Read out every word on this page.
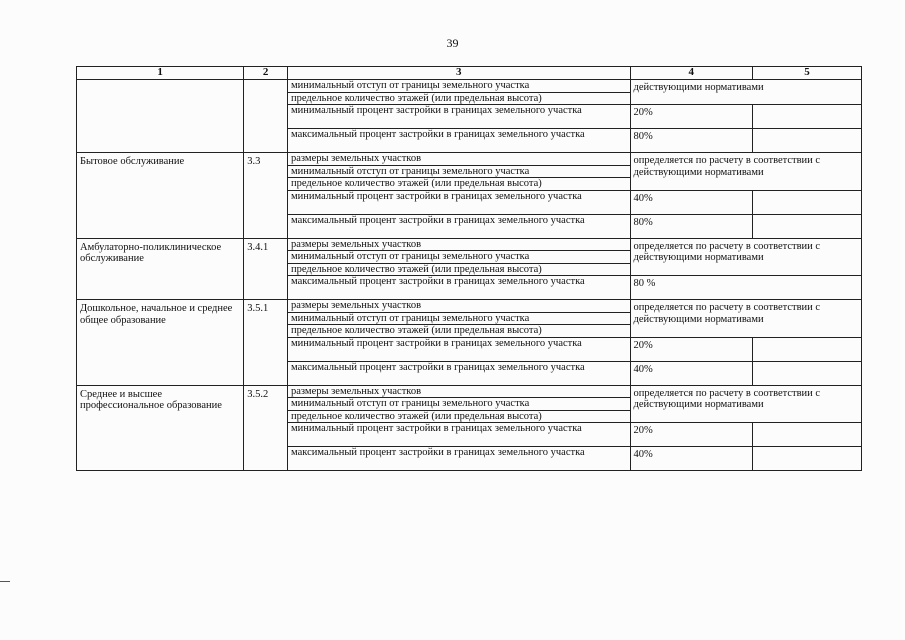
39
1	2	3	4	5
		минимальный отступ от границы земельного участка	действующими нормативами	
		предельное количество этажей (или предельная высота)		
		минимальный процент застройки в границах земельного участка	20%	
		максимальный процент застройки в границах земельного участка	80%	
Бытовое обслуживание	3.3	размеры земельных участков	определяется по расчету в соответствии с действующими нормативами	
		минимальный отступ от границы земельного участка		
		предельное количество этажей (или предельная высота)		
		минимальный процент застройки в границах земельного участка	40%	
		максимальный процент застройки в границах земельного участка	80%	
Амбулаторно-поликлиническое обслуживание	3.4.1	размеры земельных участков	определяется по расчету в соответствии с действующими нормативами	
		минимальный отступ от границы земельного участка		
		предельное количество этажей (или предельная высота)		
		максимальный процент застройки в границах земельного участка	80 %	
Дошкольное, начальное и среднее общее образование	3.5.1	размеры земельных участков	определяется по расчету в соответствии с действующими нормативами	
		минимальный отступ от границы земельного участка		
		предельное количество этажей (или предельная высота)		
		минимальный процент застройки в границах земельного участка	20%	
		максимальный процент застройки в границах земельного участка	40%	
Среднее и высшее профессиональное образование	3.5.2	размеры земельных участков	определяется по расчету в соответствии с действующими нормативами	
		минимальный отступ от границы земельного участка		
		предельное количество этажей (или предельная высота)		
		минимальный процент застройки в границах земельного участка	20%	
		максимальный процент застройки в границах земельного участка	40%	
